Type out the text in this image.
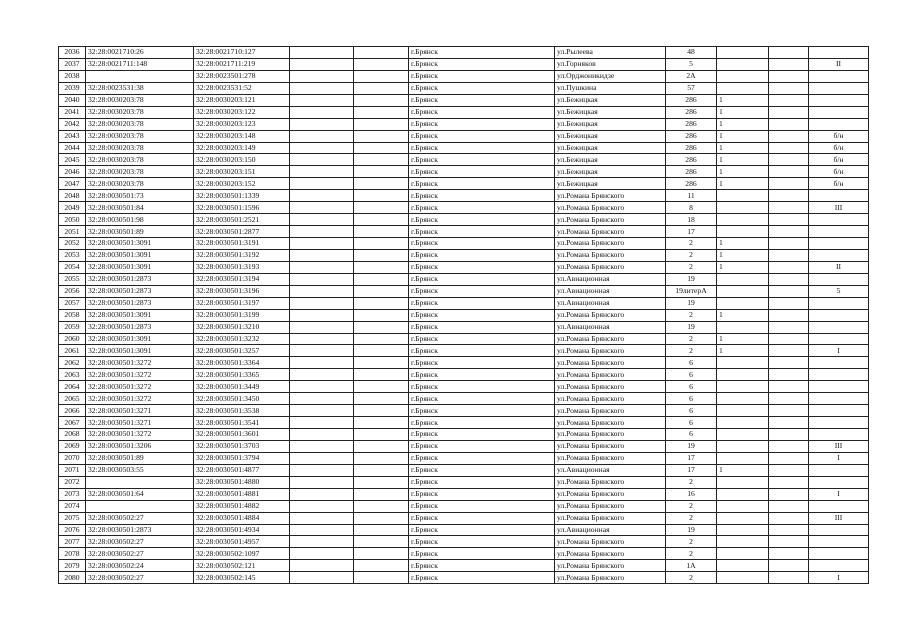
2036	32:28:0021710:26	32:28:0021710:127			г.Брянск	ул.Рылеева	48			
2037	32:28:0021711:148	32:28:0021711:219			г.Брянск	ул.Горняков	5			II
2038		32:28:0023501:278			г.Брянск	ул.Орджоникидзе	2А			
2039	32:28:0023531:38	32:28:0023531:52			г.Брянск	ул.Пушкина	57			
2040	32:28:0030203:78	32:28:0030203:121			г.Брянск	ул.Бежицкая	286	1		
2041	32:28:0030203:78	32:28:0030203:122			г.Брянск	ул.Бежицкая	286	1		
2042	32:28:0030203:78	32:28:0030203:123			г.Брянск	ул.Бежицкая	286	1		
2043	32:28:0030203:78	32:28:0030203:148			г.Брянск	ул.Бежицкая	286	1		б/н
2044	32:28:0030203:78	32:28:0030203:149			г.Брянск	ул.Бежицкая	286	1		б/н
2045	32:28:0030203:78	32:28:0030203:150			г.Брянск	ул.Бежицкая	286	1		б/н
2046	32:28:0030203:78	32:28:0030203:151			г.Брянск	ул.Бежицкая	286	1		б/н
2047	32:28:0030203:78	32:28:0030203:152			г.Брянск	ул.Бежицкая	286	1		б/н
2048	32:28:0030501:73	32:28:0030501:1339			г.Брянск	ул.Романа Брянского	11			
2049	32:28:0030501:84	32:28:0030501:1596			г.Брянск	ул.Романа Брянского	8			III
2050	32:28:0030501:98	32:28:0030501:2521			г.Брянск	ул.Романа Брянского	18			
2051	32:28:0030501:89	32:28:0030501:2877			г.Брянск	ул.Романа Брянского	17			
2052	32:28:0030501:3091	32:28:0030501:3191			г.Брянск	ул.Романа Брянского	2	1		
2053	32:28:0030501:3091	32:28:0030501:3192			г.Брянск	ул.Романа Брянского	2	1		
2054	32:28:0030501:3091	32:28:0030501:3193			г.Брянск	ул.Романа Брянского	2	1		II
2055	32:28:0030501:2873	32:28:0030501:3194			г.Брянск	ул.Авиационная	19			
2056	32:28:0030501:2873	32:28:0030501:3196			г.Брянск	ул.Авиационная	19литерА			5
2057	32:28:0030501:2873	32:28:0030501:3197			г.Брянск	ул.Авиационная	19			
2058	32:28:0030501:3091	32:28:0030501:3199			г.Брянск	ул.Романа Брянского	2	1		
2059	32:28:0030501:2873	32:28:0030501:3210			г.Брянск	ул.Авиационная	19			
2060	32:28:0030501:3091	32:28:0030501:3232			г.Брянск	ул.Романа Брянского	2	1		
2061	32:28:0030501:3091	32:28:0030501:3257			г.Брянск	ул.Романа Брянского	2	1		I
2062	32:28:0030501:3272	32:28:0030501:3364			г.Брянск	ул.Романа Брянского	6			
2063	32:28:0030501:3272	32:28:0030501:3365			г.Брянск	ул.Романа Брянского	6			
2064	32:28:0030501:3272	32:28:0030501:3449			г.Брянск	ул.Романа Брянского	6			
2065	32:28:0030501:3272	32:28:0030501:3450			г.Брянск	ул.Романа Брянского	6			
2066	32:28:0030501:3271	32:28:0030501:3538			г.Брянск	ул.Романа Брянского	6			
2067	32:28:0030501:3271	32:28:0030501:3541			г.Брянск	ул.Романа Брянского	6			
2068	32:28:0030501:3272	32:28:0030501:3601			г.Брянск	ул.Романа Брянского	6			
2069	32:28:0030501:3206	32:28:0030501:3703			г.Брянск	ул.Романа Брянского	19			III
2070	32:28:0030501:89	32:28:0030501:3794			г.Брянск	ул.Романа Брянского	17			I
2071	32:28:0030503:55	32:28:0030501:4877			г.Брянск	ул.Авиационная	17	1		
2072		32:28:0030501:4880			г.Брянск	ул.Романа Брянского	2			
2073	32:28:0030501:64	32:28:0030501:4881			г.Брянск	ул.Романа Брянского	16			I
2074		32:28:0030501:4882			г.Брянск	ул.Романа Брянского	2			
2075	32:28:0030502:27	32:28:0030501:4884			г.Брянск	ул.Романа Брянского	2			III
2076	32:28:0030501:2873	32:28:0030501:4934			г.Брянск	ул.Авиационная	19			
2077	32:28:0030502:27	32:28:0030501:4957			г.Брянск	ул.Романа Брянского	2			
2078	32:28:0030502:27	32:28:0030502:1097			г.Брянск	ул.Романа Брянского	2			
2079	32:28:0030502:24	32:28:0030502:121			г.Брянск	ул.Романа Брянского	1А			
2080	32:28:0030502:27	32:28:0030502:145			г.Брянск	ул.Романа Брянского	2			I
